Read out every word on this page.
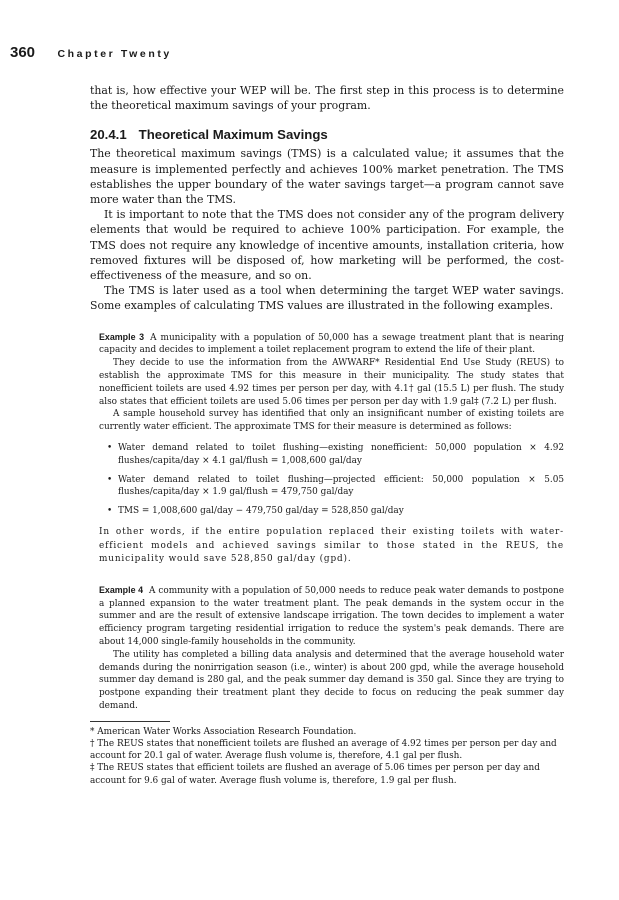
360 Chapter Twenty

that is, how effective your WEP will be. The first step in this process is to determine the theoretical maximum savings of your program.

20.4.1 Theoretical Maximum Savings

The theoretical maximum savings (TMS) is a calculated value; it assumes that the measure is implemented perfectly and achieves 100% market penetration. The TMS establishes the upper boundary of the water savings target—a program cannot save more water than the TMS.

It is important to note that the TMS does not consider any of the program delivery elements that would be required to achieve 100% participation. For example, the TMS does not require any knowledge of incentive amounts, installation criteria, how removed fixtures will be disposed of, how marketing will be performed, the cost-effectiveness of the measure, and so on.

The TMS is later used as a tool when determining the target WEP water savings. Some examples of calculating TMS values are illustrated in the following examples.

Example 3 A municipality with a population of 50,000 has a sewage treatment plant that is nearing capacity and decides to implement a toilet replacement program to extend the life of their plant.

They decide to use the information from the AWWARF* Residential End Use Study (REUS) to establish the approximate TMS for this measure in their municipality. The study states that nonefficient toilets are used 4.92 times per person per day, with 4.1† gal (15.5 L) per flush. The study also states that efficient toilets are used 5.06 times per person per day with 1.9 gal‡ (7.2 L) per flush.

A sample household survey has identified that only an insignificant number of existing toilets are currently water efficient. The approximate TMS for their measure is determined as follows:

• Water demand related to toilet flushing—existing nonefficient: 50,000 population × 4.92 flushes/capita/day × 4.1 gal/flush = 1,008,600 gal/day
• Water demand related to toilet flushing—projected efficient: 50,000 population × 5.05 flushes/capita/day × 1.9 gal/flush = 479,750 gal/day
• TMS = 1,008,600 gal/day − 479,750 gal/day = 528,850 gal/day

In other words, if the entire population replaced their existing toilets with water-efficient models and achieved savings similar to those stated in the REUS, the municipality would save 528,850 gal/day (gpd).

Example 4 A community with a population of 50,000 needs to reduce peak water demands to postpone a planned expansion to the water treatment plant. The peak demands in the system occur in the summer and are the result of extensive landscape irrigation. The town decides to implement a water efficiency program targeting residential irrigation to reduce the system's peak demands. There are about 14,000 single-family households in the community.

The utility has completed a billing data analysis and determined that the average household water demands during the nonirrigation season (i.e., winter) is about 200 gpd, while the average household summer day demand is 280 gal, and the peak summer day demand is 350 gal. Since they are trying to postpone expanding their treatment plant they decide to focus on reducing the peak summer day demand.

* American Water Works Association Research Foundation.

† The REUS states that nonefficient toilets are flushed an average of 4.92 times per person per day and account for 20.1 gal of water. Average flush volume is, therefore, 4.1 gal per flush.

‡ The REUS states that efficient toilets are flushed an average of 5.06 times per person per day and account for 9.6 gal of water. Average flush volume is, therefore, 1.9 gal per flush.
